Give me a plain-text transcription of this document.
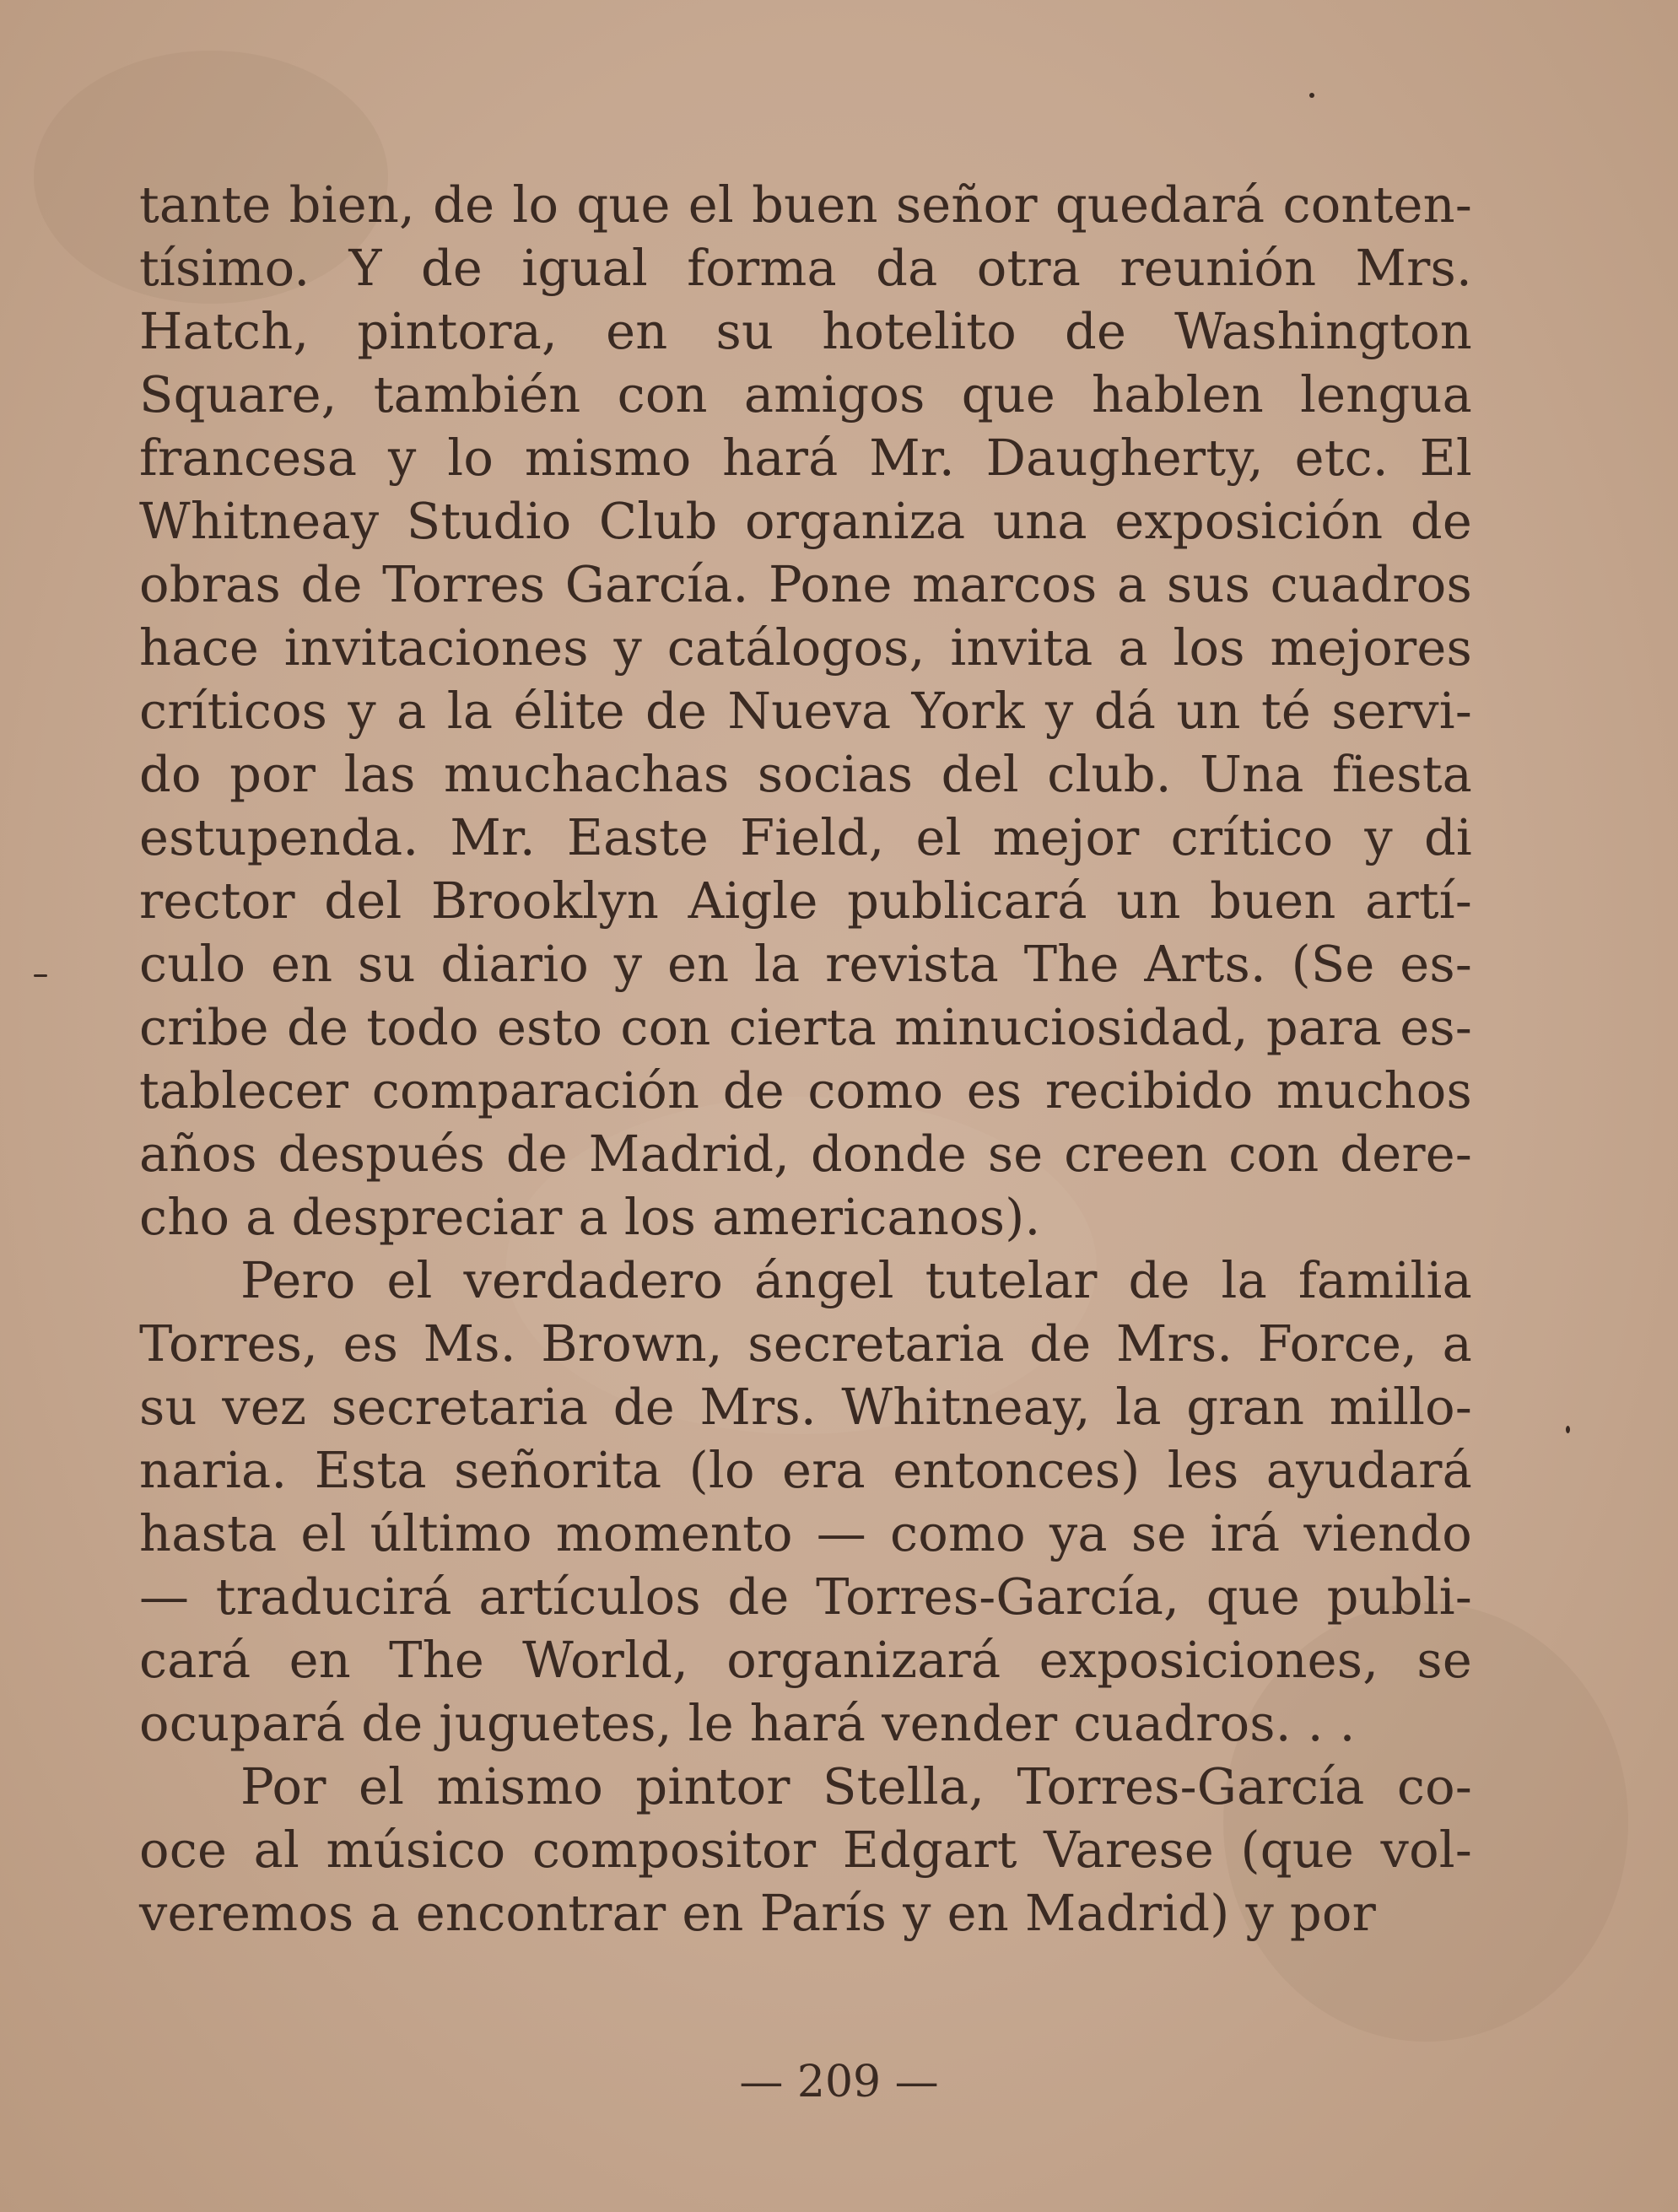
tante bien, de lo que el buen señor quedará conten-
tísimo. Y de igual forma da otra reunión Mrs.
Hatch, pintora, en su hotelito de Washington
Square, también con amigos que hablen lengua
francesa y lo mismo hará Mr. Daugherty, etc. El
Whitneay Studio Club organiza una exposición de
obras de Torres García. Pone marcos a sus cuadros
hace invitaciones y catálogos, invita a los mejores
críticos y a la élite de Nueva York y dá un té servi-
do por las muchachas socias del club. Una fiesta
estupenda. Mr. Easte Field, el mejor crítico y di
rector del Brooklyn Aigle publicará un buen artí-
culo en su diario y en la revista The Arts. (Se es-
cribe de todo esto con cierta minuciosidad, para es-
tablecer comparación de como es recibido muchos
años después de Madrid, donde se creen con dere-
cho a despreciar a los americanos).
Pero el verdadero ángel tutelar de la familia
Torres, es Ms. Brown, secretaria de Mrs. Force, a
su vez secretaria de Mrs. Whitneay, la gran millo-
naria. Esta señorita (lo era entonces) les ayudará
hasta el último momento — como ya se irá viendo
— traducirá artículos de Torres-García, que publi-
cará en The World, organizará exposiciones, se
ocupará de juguetes, le hará vender cuadros. . .
Por el mismo pintor Stella, Torres-García co-
oce al músico compositor Edgart Varese (que vol-
veremos a encontrar en París y en Madrid) y por
— 209 —
